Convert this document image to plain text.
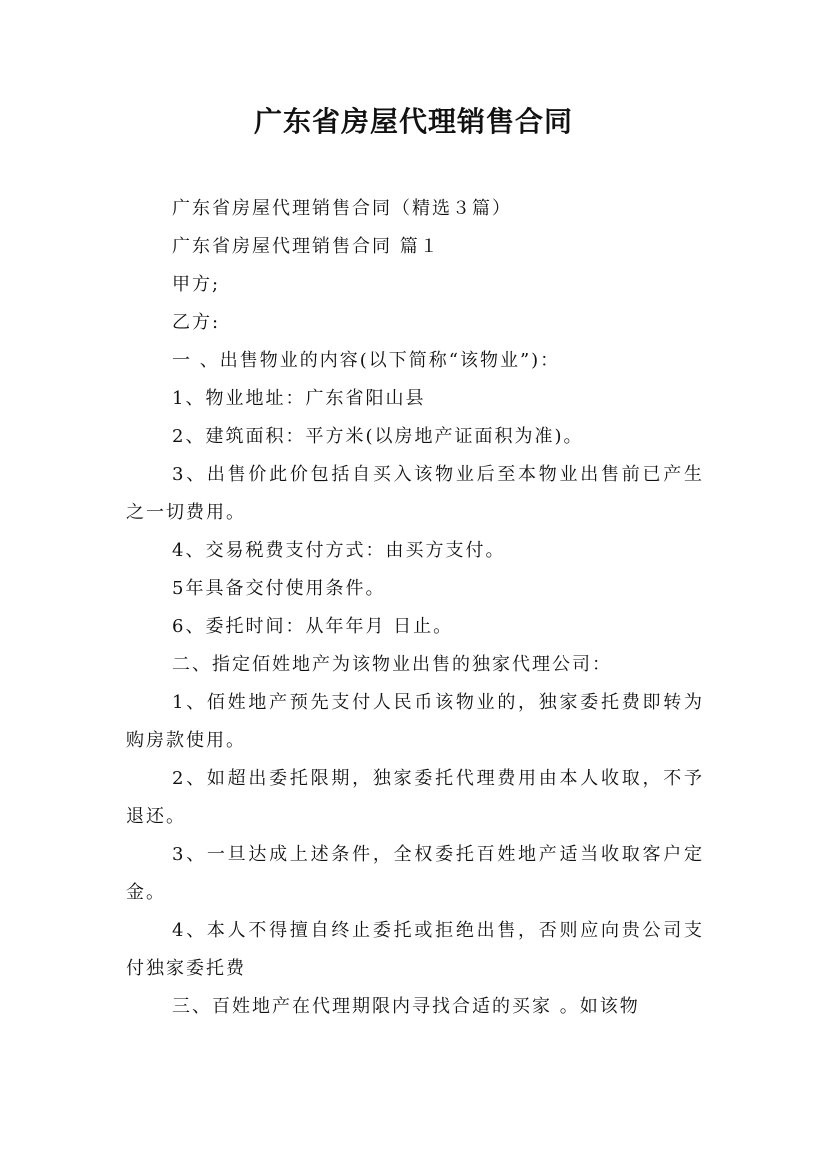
广东省房屋代理销售合同

广东省房屋代理销售合同（精选３篇）

广东省房屋代理销售合同 篇１

甲方;

乙方:

一 、出售物业的内容(以下简称“该物业”)：

1、物业地址：广东省阳山县

2、建筑面积：平方米(以房地产证面积为准)。

3、出售价此价包括自买入该物业后至本物业出售前已产生之一切费用。

4、交易税费支付方式：由买方支付。

5年具备交付使用条件。

6、委托时间：从年年月 日止。

二、指定佰姓地产为该物业出售的独家代理公司：

1、佰姓地产预先支付人民币该物业的，独家委托费即转为购房款使用。

2、如超出委托限期，独家委托代理费用由本人收取，不予退还。

3、一旦达成上述条件，全权委托百姓地产适当收取客户定金。

4、本人不得擅自终止委托或拒绝出售，否则应向贵公司支付独家委托费

三、百姓地产在代理期限内寻找合适的买家 。如该物
